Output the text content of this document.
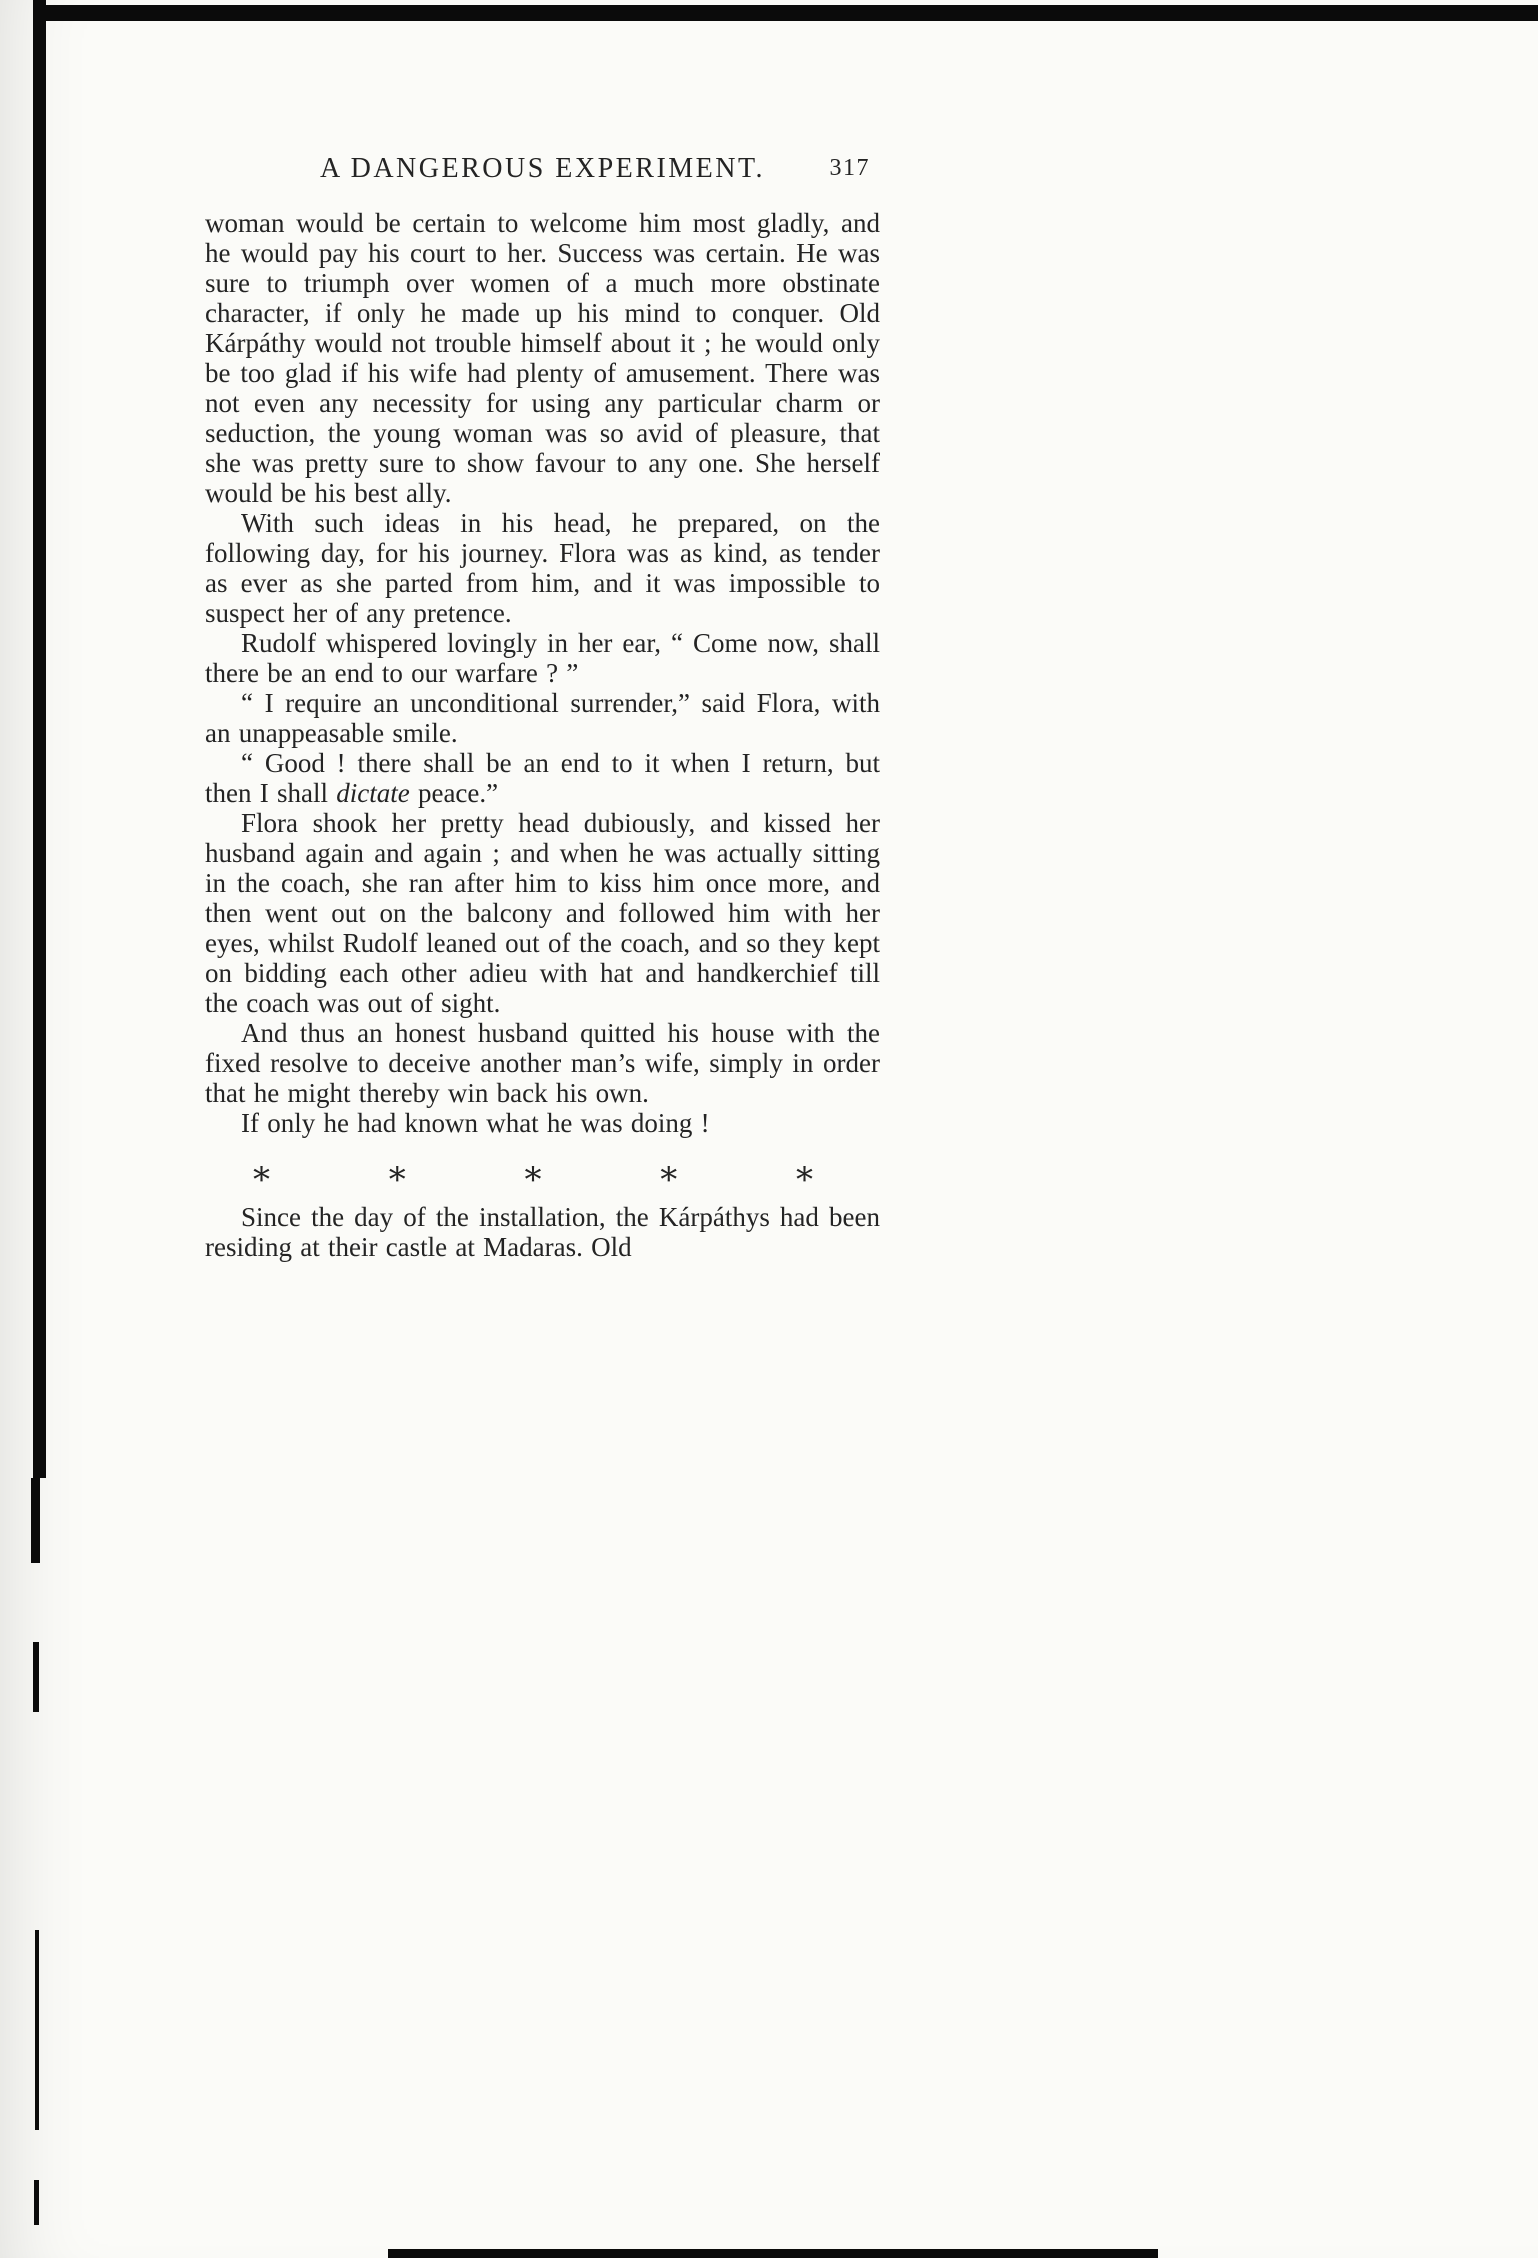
A DANGEROUS EXPERIMENT.	317

woman would be certain to welcome him most gladly, and he would pay his court to her. Success was certain. He was sure to triumph over women of a much more obstinate character, if only he made up his mind to conquer. Old Kárpáthy would not trouble himself about it ; he would only be too glad if his wife had plenty of amusement. There was not even any necessity for using any particular charm or seduction, the young woman was so avid of pleasure, that she was pretty sure to show favour to any one. She herself would be his best ally.

With such ideas in his head, he prepared, on the following day, for his journey. Flora was as kind, as tender as ever as she parted from him, and it was impossible to suspect her of any pretence.

Rudolf whispered lovingly in her ear, “ Come now, shall there be an end to our warfare ? ”

“ I require an unconditional surrender,” said Flora, with an unappeasable smile.

“ Good ! there shall be an end to it when I return, but then I shall dictate peace.”

Flora shook her pretty head dubiously, and kissed her husband again and again ; and when he was actually sitting in the coach, she ran after him to kiss him once more, and then went out on the balcony and followed him with her eyes, whilst Rudolf leaned out of the coach, and so they kept on bidding each other adieu with hat and handkerchief till the coach was out of sight.

And thus an honest husband quitted his house with the fixed resolve to deceive another man’s wife, simply in order that he might thereby win back his own.

If only he had known what he was doing !

*	*	*	*	*

Since the day of the installation, the Kárpáthys had been residing at their castle at Madaras. Old
